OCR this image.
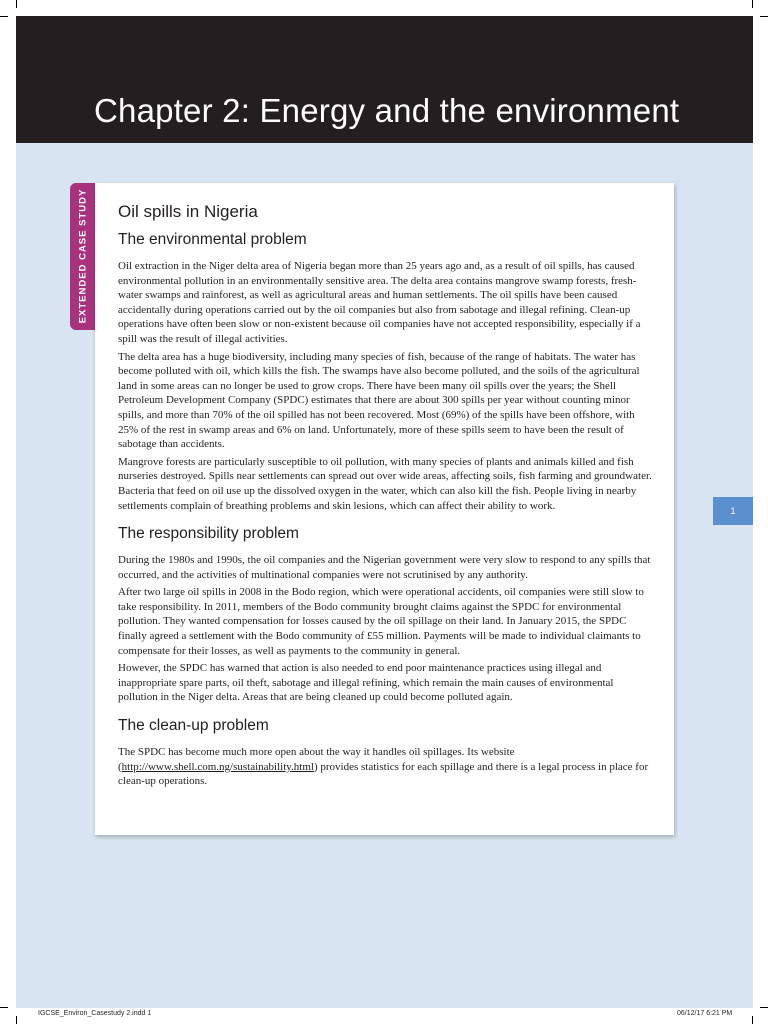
Chapter 2: Energy and the environment
EXTENDED CASE STUDY Oil spills in Nigeria
The environmental problem

Oil extraction in the Niger delta area of Nigeria began more than 25 years ago and, as a result of oil spills, has caused environmental pollution in an environmentally sensitive area. The delta area contains mangrove swamp forests, fresh-water swamps and rainforest, as well as agricultural areas and human settlements. The oil spills have been caused accidentally during operations carried out by the oil companies but also from sabotage and illegal refining. Clean-up operations have often been slow or non-existent because oil companies have not accepted responsibility, especially if a spill was the result of illegal activities.

The delta area has a huge biodiversity, including many species of fish, because of the range of habitats. The water has become polluted with oil, which kills the fish. The swamps have also become polluted, and the soils of the agricultural land in some areas can no longer be used to grow crops. There have been many oil spills over the years; the Shell Petroleum Development Company (SPDC) estimates that there are about 300 spills per year without counting minor spills, and more than 70% of the oil spilled has not been recovered. Most (69%) of the spills have been offshore, with 25% of the rest in swamp areas and 6% on land. Unfortunately, more of these spills seem to have been the result of sabotage than accidents.

Mangrove forests are particularly susceptible to oil pollution, with many species of plants and animals killed and fish nurseries destroyed. Spills near settlements can spread out over wide areas, affecting soils, fish farming and groundwater. Bacteria that feed on oil use up the dissolved oxygen in the water, which can also kill the fish. People living in nearby settlements complain of breathing problems and skin lesions, which can affect their ability to work.

The responsibility problem

During the 1980s and 1990s, the oil companies and the Nigerian government were very slow to respond to any spills that occurred, and the activities of multinational companies were not scrutinised by any authority.

After two large oil spills in 2008 in the Bodo region, which were operational accidents, oil companies were still slow to take responsibility. In 2011, members of the Bodo community brought claims against the SPDC for environmental pollution. They wanted compensation for losses caused by the oil spillage on their land. In January 2015, the SPDC finally agreed a settlement with the Bodo community of £55 million. Payments will be made to individual claimants to compensate for their losses, as well as payments to the community in general.

However, the SPDC has warned that action is also needed to end poor maintenance practices using illegal and inappropriate spare parts, oil theft, sabotage and illegal refining, which remain the main causes of environmental pollution in the Niger delta. Areas that are being cleaned up could become polluted again.

The clean-up problem

The SPDC has become much more open about the way it handles oil spillages. Its website (http://www.shell.com.ng/sustainability.html) provides statistics for each spillage and there is a legal process in place for clean-up operations.

1
IGCSE_Environ_Casestudy 2.indd 1	06/12/17 6:21 PM
